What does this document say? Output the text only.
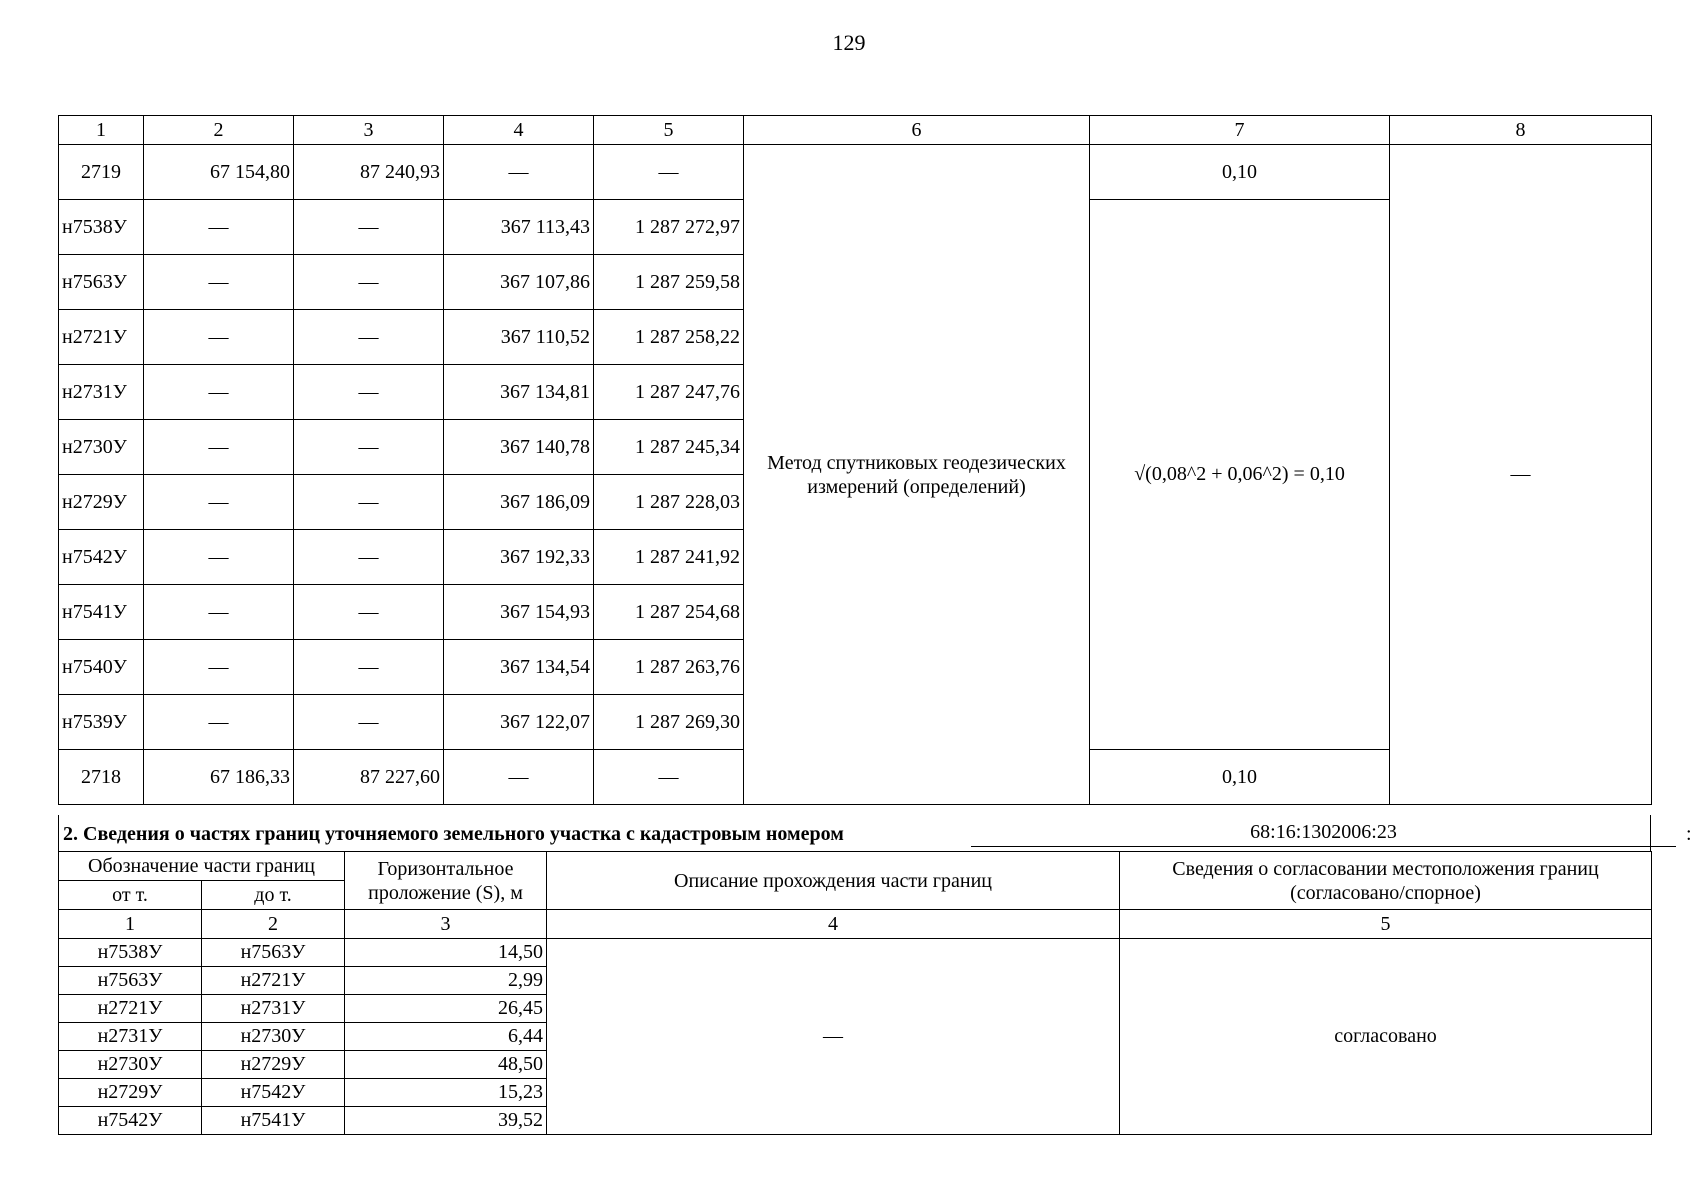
129
1	2	3	4	5	6	7	8
2719	67 154,80	87 240,93	—	—	Метод спутниковых геодезических измерений (определений)	0,10	—
н7538У	—	—	367 113,43	1 287 272,97		√(0,08^2 + 0,06^2) = 0,10	
н7563У	—	—	367 107,86	1 287 259,58			
н2721У	—	—	367 110,52	1 287 258,22			
н2731У	—	—	367 134,81	1 287 247,76			
н2730У	—	—	367 140,78	1 287 245,34			
н2729У	—	—	367 186,09	1 287 228,03			
н7542У	—	—	367 192,33	1 287 241,92			
н7541У	—	—	367 154,93	1 287 254,68			
н7540У	—	—	367 134,54	1 287 263,76			
н7539У	—	—	367 122,07	1 287 269,30			
2718	67 186,33	87 227,60	—	—		0,10	
2. Сведения о частях границ уточняемого земельного участка с кадастровым номером	68:16:1302006:23	:
Обозначение части границ		Горизонтальное проложение (S), м	Описание прохождения части границ	Сведения о согласовании местоположения границ (согласовано/спорное)
от т.	до т.			
1	2	3	4	5
н7538У	н7563У	14,50	—	согласовано
н7563У	н2721У	2,99		
н2721У	н2731У	26,45		
н2731У	н2730У	6,44		
н2730У	н2729У	48,50		
н2729У	н7542У	15,23		
н7542У	н7541У	39,52		
